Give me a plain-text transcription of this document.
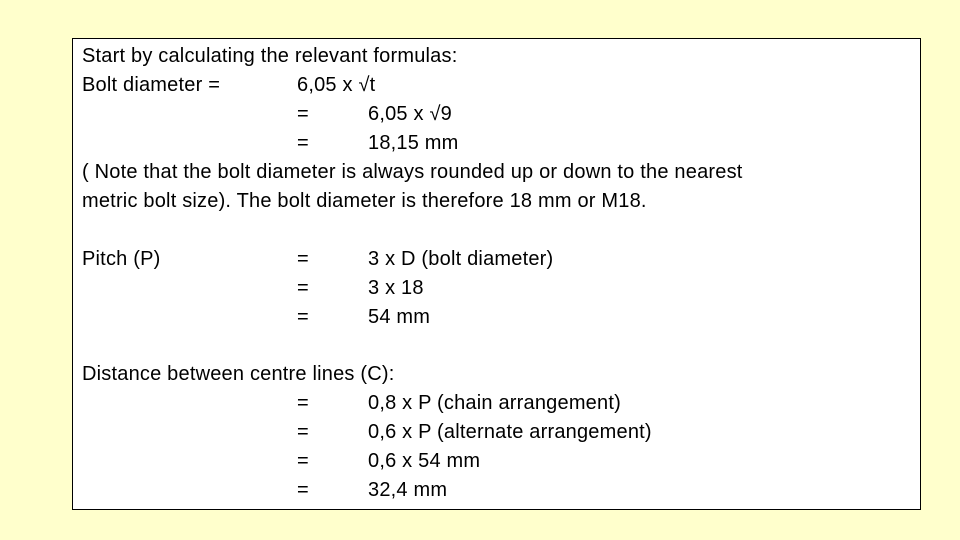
Start by calculating the relevant formulas:
Bolt diameter =	6,05 x √t
=	6,05 x √9
=	18,15 mm
( Note that the bolt diameter is always rounded up or down to the nearest
metric bolt size). The bolt diameter is therefore 18 mm or M18.
Pitch (P)	=	3 x D (bolt diameter)
=	3 x 18
=	54 mm
Distance between centre lines (C):
=	0,8 x P (chain arrangement)
=	0,6 x P (alternate arrangement)
=	0,6 x 54 mm
=	32,4 mm
